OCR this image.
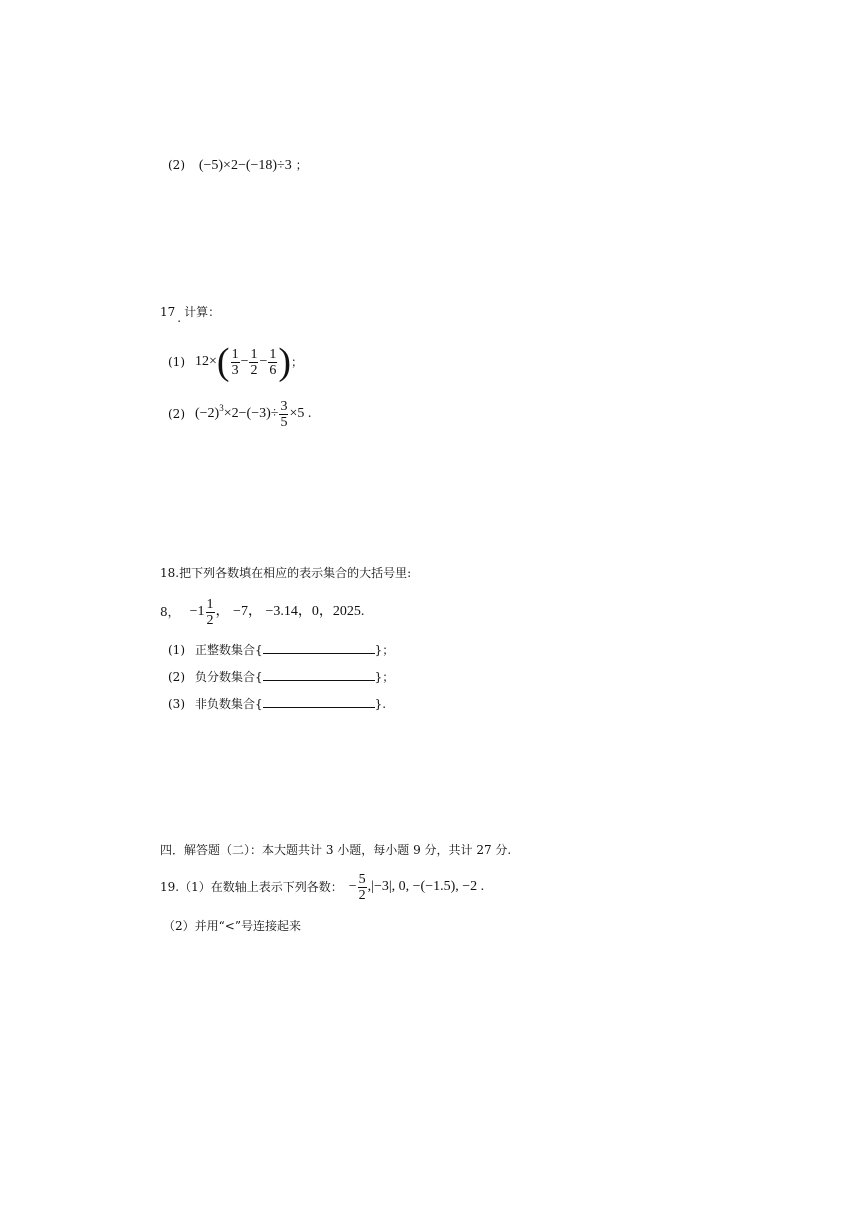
(2) (−5)×2−(−18)÷3 ；
17 . 计算：
(1) 12× ( $\frac{1}{3} - \frac{1}{2} - \frac{1}{6}$ ) ；
(2) $(-2)^3 \times 2-(-3)\div \frac{3}{5} \times 5$ .
18.把下列各数填在相应的表示集合的大括号里:
8， $-1 \frac{1}{2}$ ， −7， −3.14，0，2025.
(1) 正整数集合{	}；
(2) 负分数集合{	}；
(3) 非负数集合{	}.
四．解答题（二）：本大题共计 3 小题，每小题 9 分，共计 27 分.
19.（1）在数轴上表示下列各数： − $\frac{5}{2} ,|-3|$, 0, −(−1.5), −2 .
（2）并用“<”号连接起来
